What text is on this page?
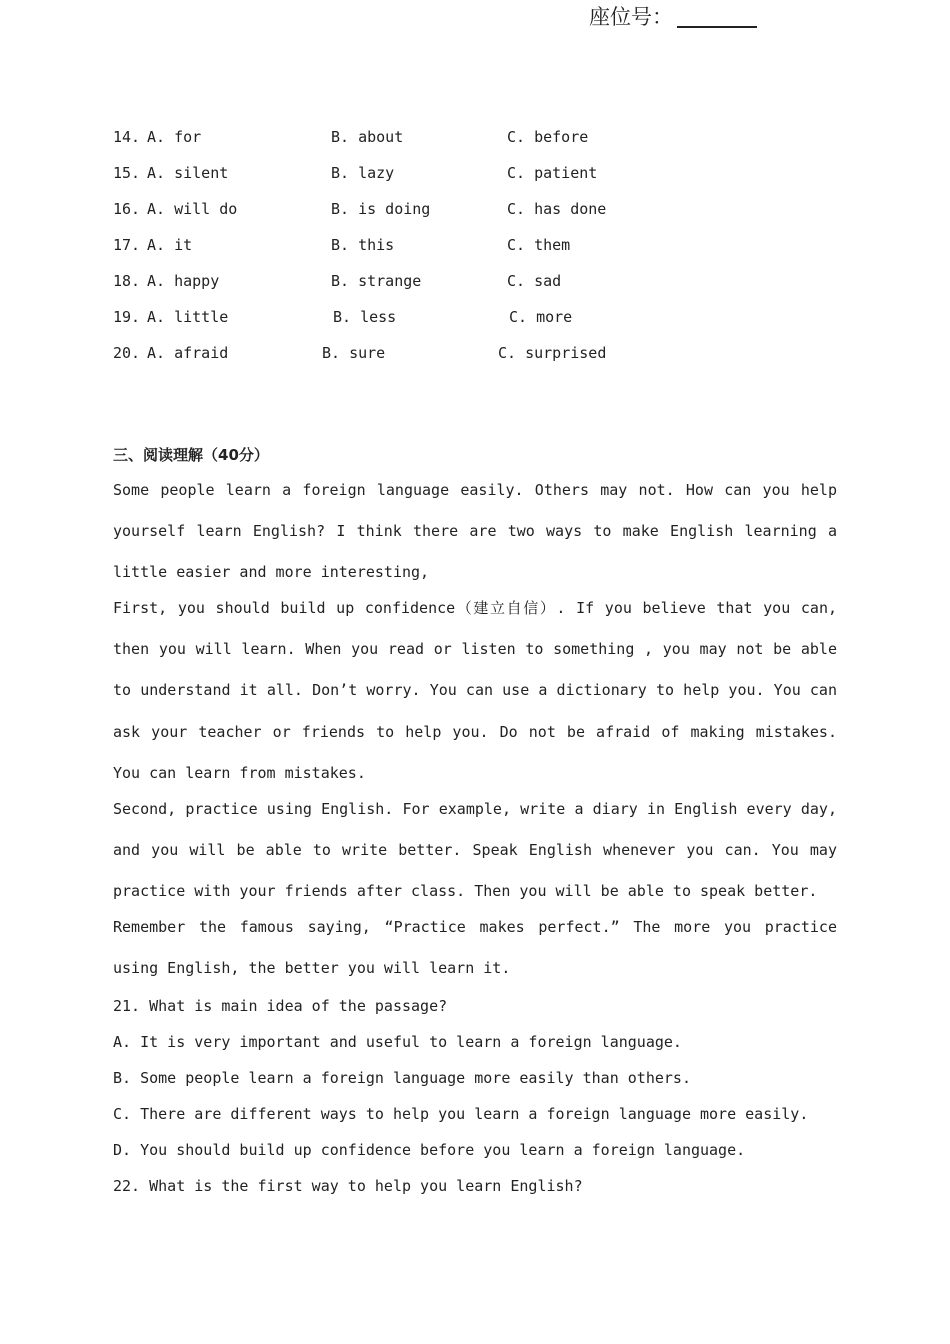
座位号：
14. A. for	B. about	C. before
15. A. silent	B. lazy	C. patient
16. A. will do	B. is doing	C. has done
17. A. it	B. this	C. them
18. A. happy	B. strange	C. sad
19. A. little	B. less	C. more
20. A. afraid	B. sure	C. surprised
三、阅读理解（40分）

Some people learn a foreign language easily. Others may not. How can you help yourself learn English? I think there are two ways to make English learning a little easier and more interesting,

First, you should build up confidence（建立自信）. If you believe that you can, then you will learn. When you read or listen to something , you may not be able to understand it all. Don’t worry. You can use a dictionary to help you. You can ask your teacher or friends to help you. Do not be afraid of making mistakes. You can learn from mistakes.

Second, practice using English. For example, write a diary in English every day, and you will be able to write better. Speak English whenever you can. You may practice with your friends after class. Then you will be able to speak better.

Remember the famous saying, “Practice makes perfect.” The more you practice using English, the better you will learn it.

21. What is main idea of the passage?
A. It is very important and useful to learn a foreign language.
B. Some people learn a foreign language more easily than others.
C. There are different ways to help you learn a foreign language more easily.
D. You should build up confidence before you learn a foreign language.
22. What is the first way to help you learn English?
